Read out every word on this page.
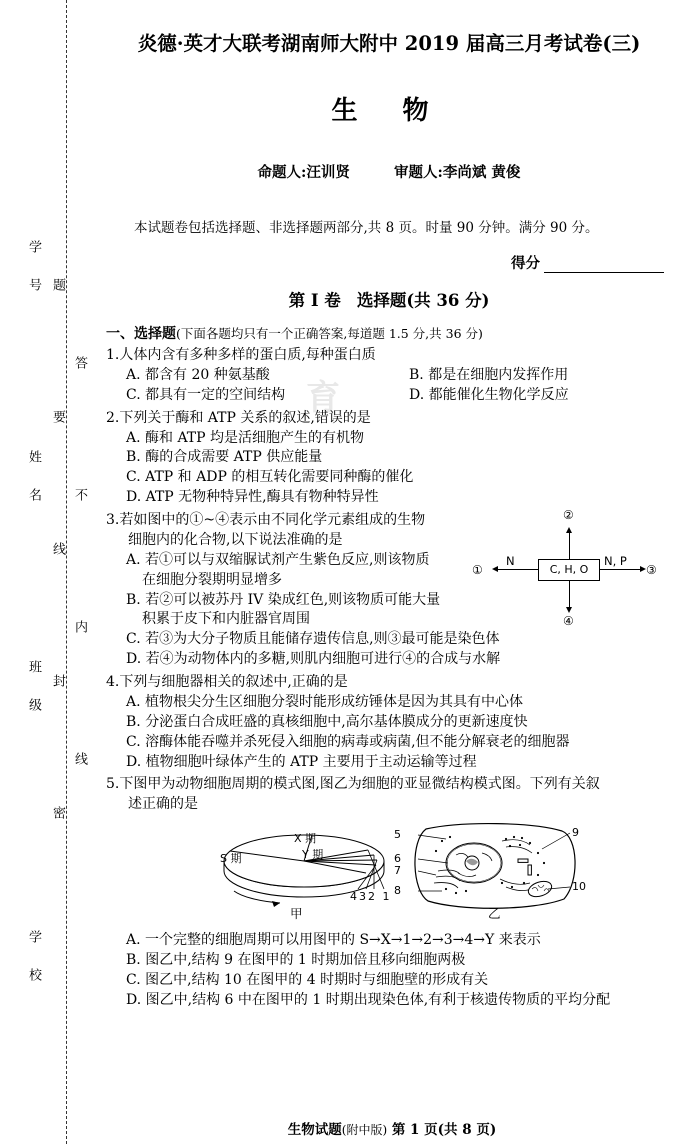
学 号
姓 名
班 级
学 校
题 要 线 封 密 答 不 内 线	育
炎德·英才大联考湖南师大附中 2019 届高三月考试卷(三)
生 物
命题人:汪训贤	审题人:李尚斌 黄俊
本试题卷包括选择题、非选择题两部分,共 8 页。时量 90 分钟。满分 90 分。
得分
第 I 卷 选择题(共 36 分)
一、选择题(下面各题均只有一个正确答案,每道题 1.5 分,共 36 分)
1.人体内含有多种多样的蛋白质,每种蛋白质
A. 都含有 20 种氨基酸	B. 都是在细胞内发挥作用
C. 都具有一定的空间结构	D. 都能催化生物化学反应
2.下列关于酶和 ATP 关系的叙述,错误的是
A. 酶和 ATP 均是活细胞产生的有机物
B. 酶的合成需要 ATP 供应能量
C. ATP 和 ADP 的相互转化需要同种酶的催化
D. ATP 无物种特异性,酶具有物种特异性
C, H, O
N
①
N, P
③
②
④
3.若如图中的①~④表示由不同化学元素组成的生物
细胞内的化合物,以下说法准确的是
A. 若①可以与双缩脲试剂产生紫色反应,则该物质
在细胞分裂期明显增多
B. 若②可以被苏丹 IV 染成红色,则该物质可能大量
积累于皮下和内脏器官周围
C. 若③为大分子物质且能储存遗传信息,则③最可能是染色体
D. 若④为动物体内的多糖,则肌内细胞可进行④的合成与水解
4.下列与细胞器相关的叙述中,正确的是
A. 植物根尖分生区细胞分裂时能形成纺锤体是因为其具有中心体
B. 分泌蛋白合成旺盛的真核细胞中,高尔基体膜成分的更新速度快
C. 溶酶体能吞噬并杀死侵入细胞的病毒或病菌,但不能分解衰老的细胞器
D. 植物细胞叶绿体产生的 ATP 主要用于主动运输等过程
5.下图甲为动物细胞周期的模式图,图乙为细胞的亚显微结构模式图。下列有关叙
述正确的是
S 期
X 期
Y 期
432 1
甲
5
6
7
8
9
10
乙
A. 一个完整的细胞周期可以用图甲的 S→X→1→2→3→4→Y 来表示
B. 图乙中,结构 9 在图甲的 1 时期加倍且移向细胞两极
C. 图乙中,结构 10 在图甲的 4 时期时与细胞壁的形成有关
D. 图乙中,结构 6 中在图甲的 1 时期出现染色体,有利于核遗传物质的平均分配
生物试题(附中版) 第 1 页(共 8 页)
